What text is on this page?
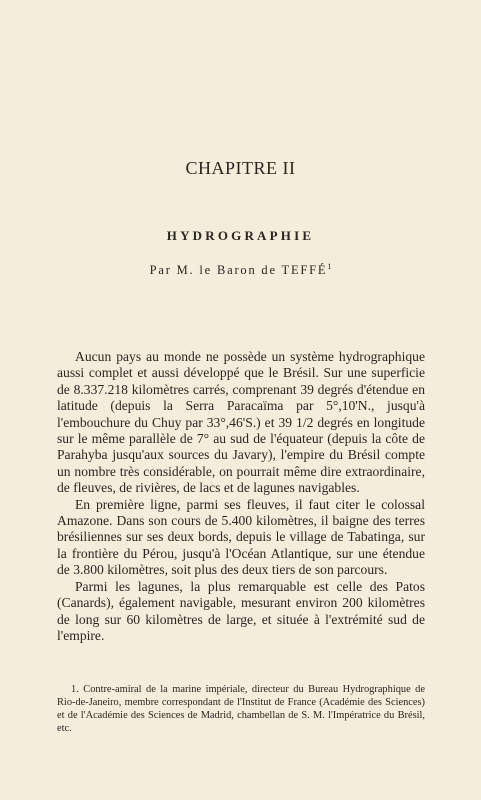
CHAPITRE II
HYDROGRAPHIE
Par M. le Baron de TEFFÉ$^1$

Aucun pays au monde ne possède un système hydrographique aussi complet et aussi développé que le Brésil. Sur une superficie de 8.337.218 kilomètres carrés, comprenant 39 degrés d'étendue en latitude (depuis la Serra Paracaïma par 5°,10'N., jusqu'à l'embouchure du Chuy par 33°,46'S.) et 39 1/2 degrés en longitude sur le même parallèle de 7° au sud de l'équateur (depuis la côte de Parahyba jusqu'aux sources du Javary), l'empire du Brésil compte un nombre très considérable, on pourrait même dire extraordinaire, de fleuves, de rivières, de lacs et de lagunes navigables.

En première ligne, parmi ses fleuves, il faut citer le colossal Amazone. Dans son cours de 5.400 kilomètres, il baigne des terres brésiliennes sur ses deux bords, depuis le village de Tabatinga, sur la frontière du Pérou, jusqu'à l'Océan Atlantique, sur une étendue de 3.800 kilomètres, soit plus des deux tiers de son parcours.

Parmi les lagunes, la plus remarquable est celle des Patos (Canards), également navigable, mesurant environ 200 kilomètres de long sur 60 kilomètres de large, et située à l'extrémité sud de l'empire.

1. Contre-amiral de la marine impériale, directeur du Bureau Hydrographique de Rio-de-Janeiro, membre correspondant de l'Institut de France (Académie des Sciences) et de l'Académie des Sciences de Madrid, chambellan de S. M. l'Impératrice du Brésil, etc.
